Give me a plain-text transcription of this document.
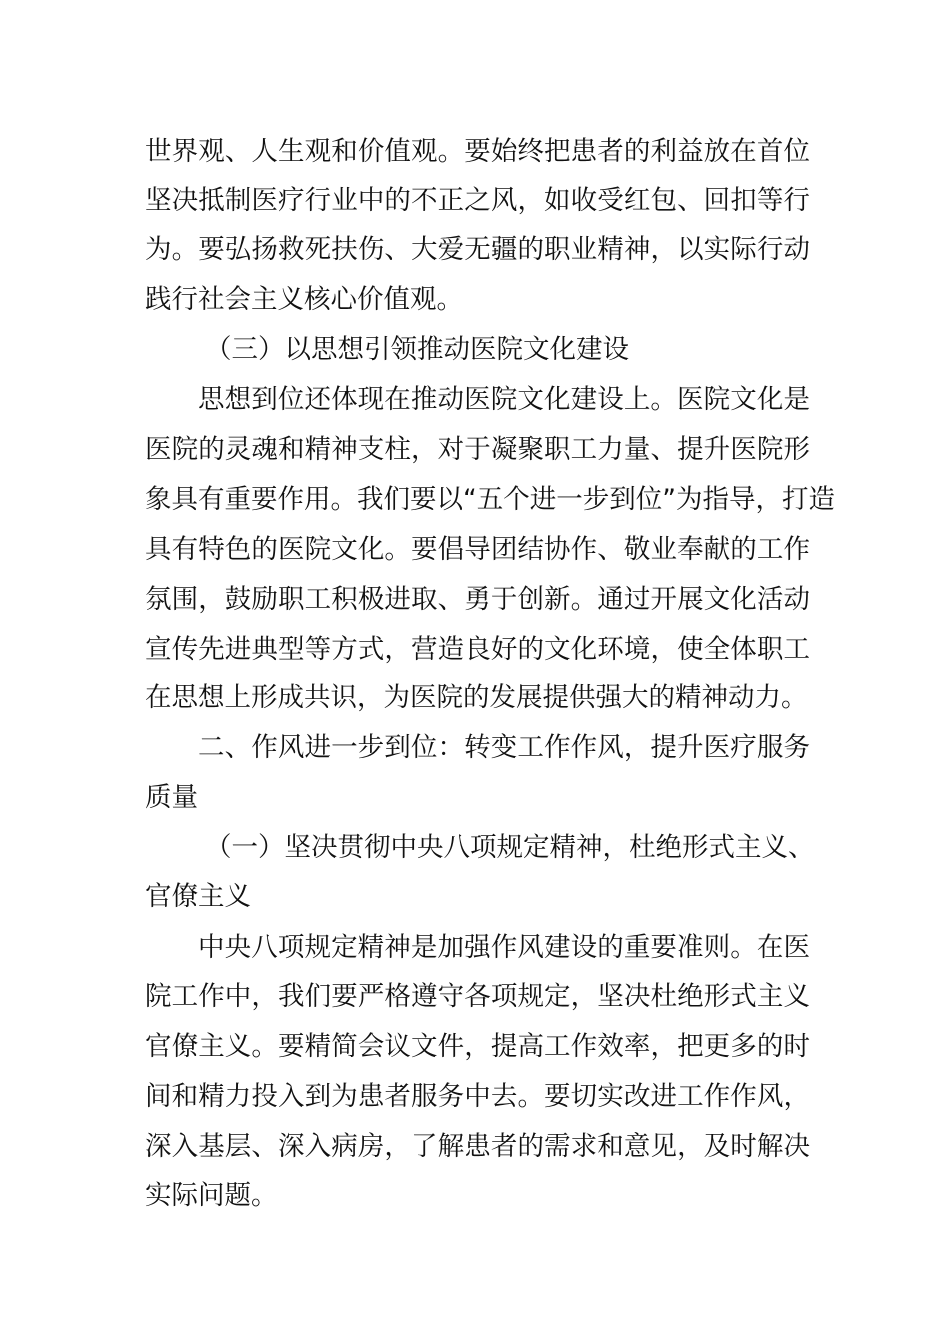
世界观、人生观和价值观。要始终把患者的利益放在首位
坚决抵制医疗行业中的不正之风，如收受红包、回扣等行
为。要弘扬救死扶伤、大爱无疆的职业精神，以实际行动
践行社会主义核心价值观。
（三）以思想引领推动医院文化建设
思想到位还体现在推动医院文化建设上。医院文化是
医院的灵魂和精神支柱，对于凝聚职工力量、提升医院形
象具有重要作用。我们要以“五个进一步到位”为指导，打造
具有特色的医院文化。要倡导团结协作、敬业奉献的工作
氛围，鼓励职工积极进取、勇于创新。通过开展文化活动
宣传先进典型等方式，营造良好的文化环境，使全体职工
在思想上形成共识，为医院的发展提供强大的精神动力。
二、作风进一步到位：转变工作作风，提升医疗服务
质量
（一）坚决贯彻中央八项规定精神，杜绝形式主义、
官僚主义
中央八项规定精神是加强作风建设的重要准则。在医
院工作中，我们要严格遵守各项规定，坚决杜绝形式主义
官僚主义。要精简会议文件，提高工作效率，把更多的时
间和精力投入到为患者服务中去。要切实改进工作作风，
深入基层、深入病房，了解患者的需求和意见，及时解决
实际问题。
